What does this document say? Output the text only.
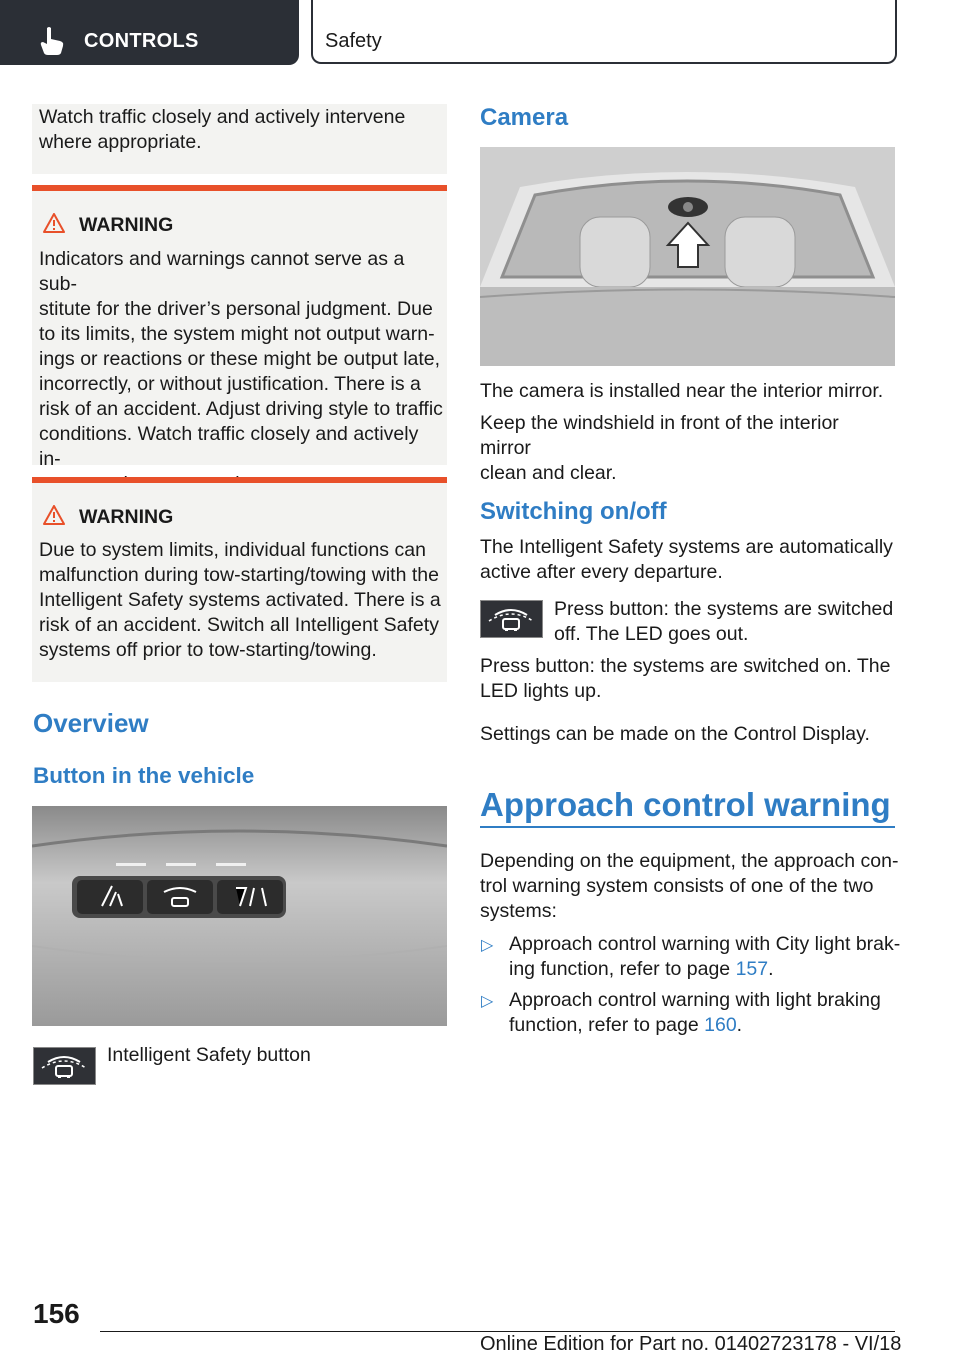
CONTROLS	Safety
Watch traffic closely and actively intervene
where appropriate.
WARNING
Indicators and warnings cannot serve as a sub-
stitute for the driver’s personal judgment. Due
to its limits, the system might not output warn-
ings or reactions or these might be output late,
incorrectly, or without justification. There is a
risk of an accident. Adjust driving style to traffic
conditions. Watch traffic closely and actively in-
WARNING
Due to system limits, individual functions can
malfunction during tow-starting/towing with the
Intelligent Safety systems activated. There is a
risk of an accident. Switch all Intelligent Safety
systems off prior to tow-starting/towing.
Overview
Button in the vehicle
Intelligent Safety button
Camera
The camera is installed near the interior mirror.
Keep the windshield in front of the interior mirror
clean and clear.
Switching on/off
The Intelligent Safety systems are automatically
active after every departure.
Press button: the systems are switched
off. The LED goes out.
Press button: the systems are switched on. The
LED lights up.
Settings can be made on the Control Display.
Approach control warning
Depending on the equipment, the approach con-
trol warning system consists of one of the two
systems:
▷ Approach control warning with City light brak-
ing function, refer to page 157.
▷ Approach control warning with light braking
function, refer to page 160.
156
Online Edition for Part no. 01402723178 - VI/18
